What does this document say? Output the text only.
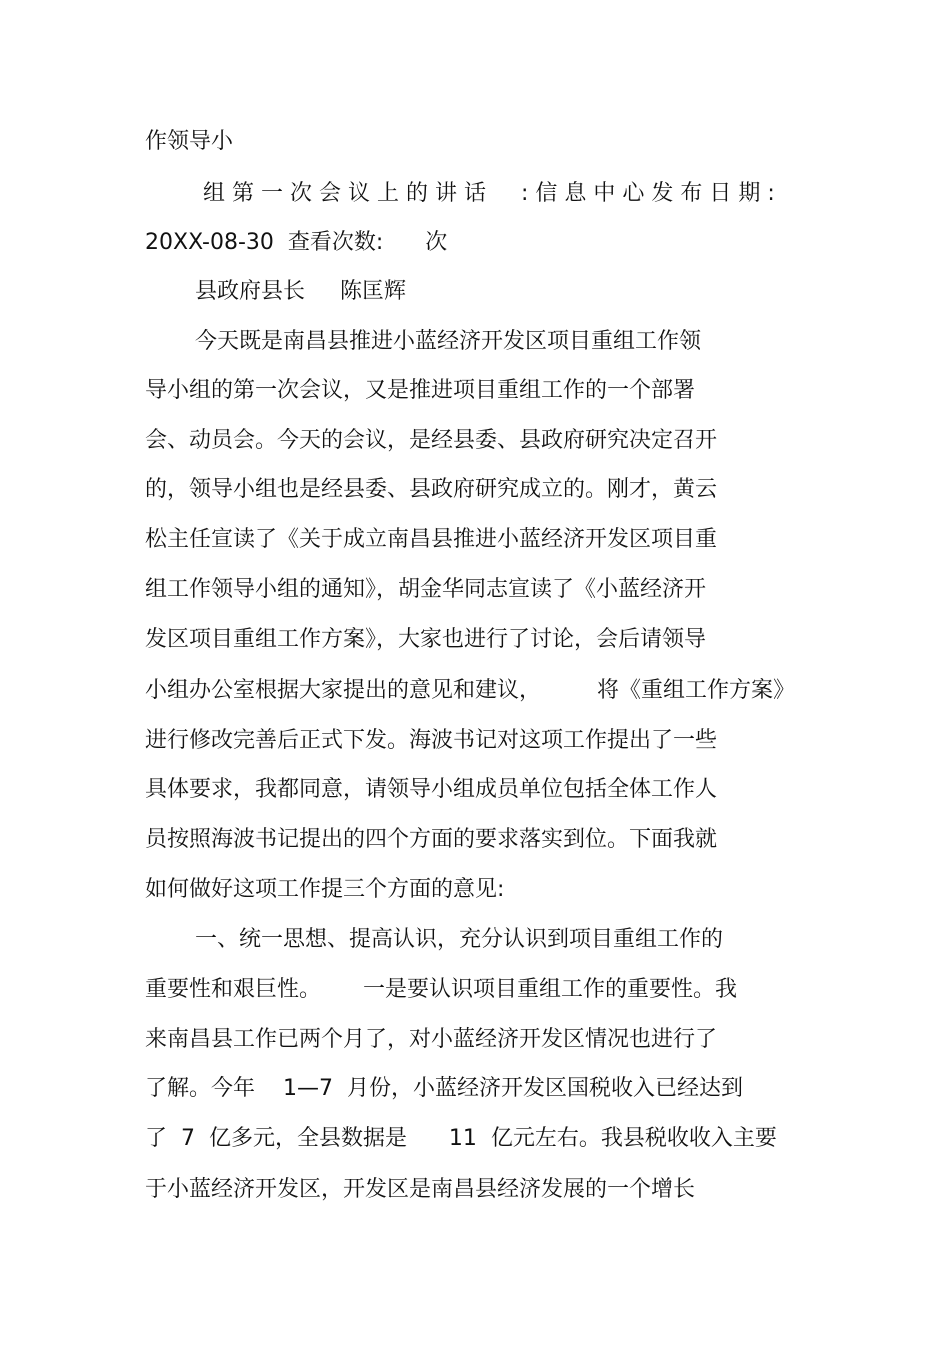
作领导小
组第一次会议上的讲话  :信息中心发布日期:
20XX-08-30  查看次数:      次
县政府县长     陈匡辉
今天既是南昌县推进小蓝经济开发区项目重组工作领
导小组的第一次会议，又是推进项目重组工作的一个部署
会、动员会。今天的会议，是经县委、县政府研究决定召开
的，领导小组也是经县委、县政府研究成立的。刚才，黄云
松主任宣读了《关于成立南昌县推进小蓝经济开发区项目重
组工作领导小组的通知》，胡金华同志宣读了《小蓝经济开
发区项目重组工作方案》，大家也进行了讨论，会后请领导
小组办公室根据大家提出的意见和建议，        将《重组工作方案》
进行修改完善后正式下发。海波书记对这项工作提出了一些
具体要求，我都同意，请领导小组成员单位包括全体工作人
员按照海波书记提出的四个方面的要求落实到位。下面我就
如何做好这项工作提三个方面的意见:
一、统一思想、提高认识，充分认识到项目重组工作的
重要性和艰巨性。      一是要认识项目重组工作的重要性。我
来南昌县工作已两个月了，对小蓝经济开发区情况也进行了
了解。今年    1—7  月份，小蓝经济开发区国税收入已经达到
了  7  亿多元，全县数据是      11  亿元左右。我县税收收入主要
于小蓝经济开发区，开发区是南昌县经济发展的一个增长
